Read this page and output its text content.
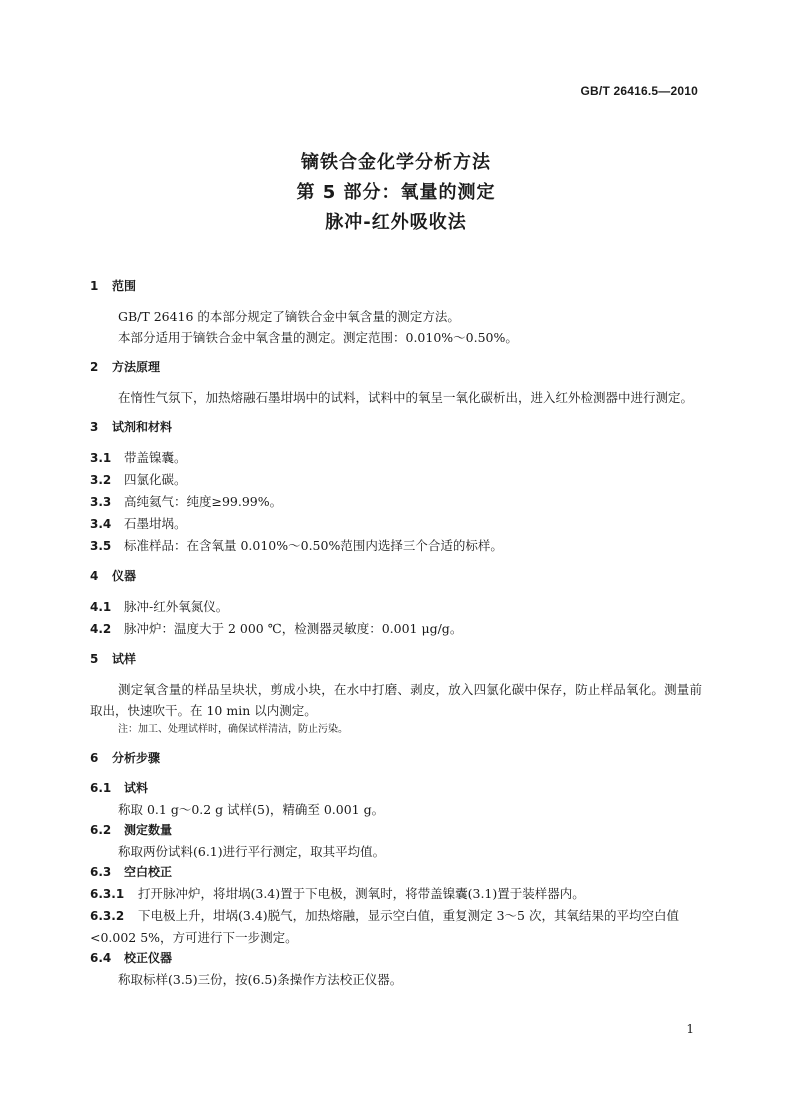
GB/T 26416.5—2010
镝铁合金化学分析方法
第 5 部分：氧量的测定
脉冲-红外吸收法
1 范围
GB/T 26416 的本部分规定了镝铁合金中氧含量的测定方法。
本部分适用于镝铁合金中氧含量的测定。测定范围：0.010%～0.50%。
2 方法原理
在惰性气氛下，加热熔融石墨坩埚中的试料，试料中的氧呈一氧化碳析出，进入红外检测器中进行测定。
3 试剂和材料
3.1 带盖镍囊。
3.2 四氯化碳。
3.3 高纯氦气：纯度≥99.99%。
3.4 石墨坩埚。
3.5 标准样品：在含氧量 0.010%～0.50%范围内选择三个合适的标样。
4 仪器
4.1 脉冲-红外氧氮仪。
4.2 脉冲炉：温度大于 2 000 ℃，检测器灵敏度：0.001 μg/g。
5 试样
测定氧含量的样品呈块状，剪成小块，在水中打磨、剥皮，放入四氯化碳中保存，防止样品氧化。测量前取出，快速吹干。在 10 min 以内测定。
注：加工、处理试样时，确保试样清洁，防止污染。
6 分析步骤
6.1 试料
称取 0.1 g～0.2 g 试样(5)，精确至 0.001 g。
6.2 测定数量
称取两份试料(6.1)进行平行测定，取其平均值。
6.3 空白校正
6.3.1 打开脉冲炉，将坩埚(3.4)置于下电极，测氧时，将带盖镍囊(3.1)置于装样器内。
6.3.2 下电极上升，坩埚(3.4)脱气，加热熔融，显示空白值，重复测定 3～5 次，其氧结果的平均空白值<0.002 5%，方可进行下一步测定。
6.4 校正仪器
称取标样(3.5)三份，按(6.5)条操作方法校正仪器。
1
